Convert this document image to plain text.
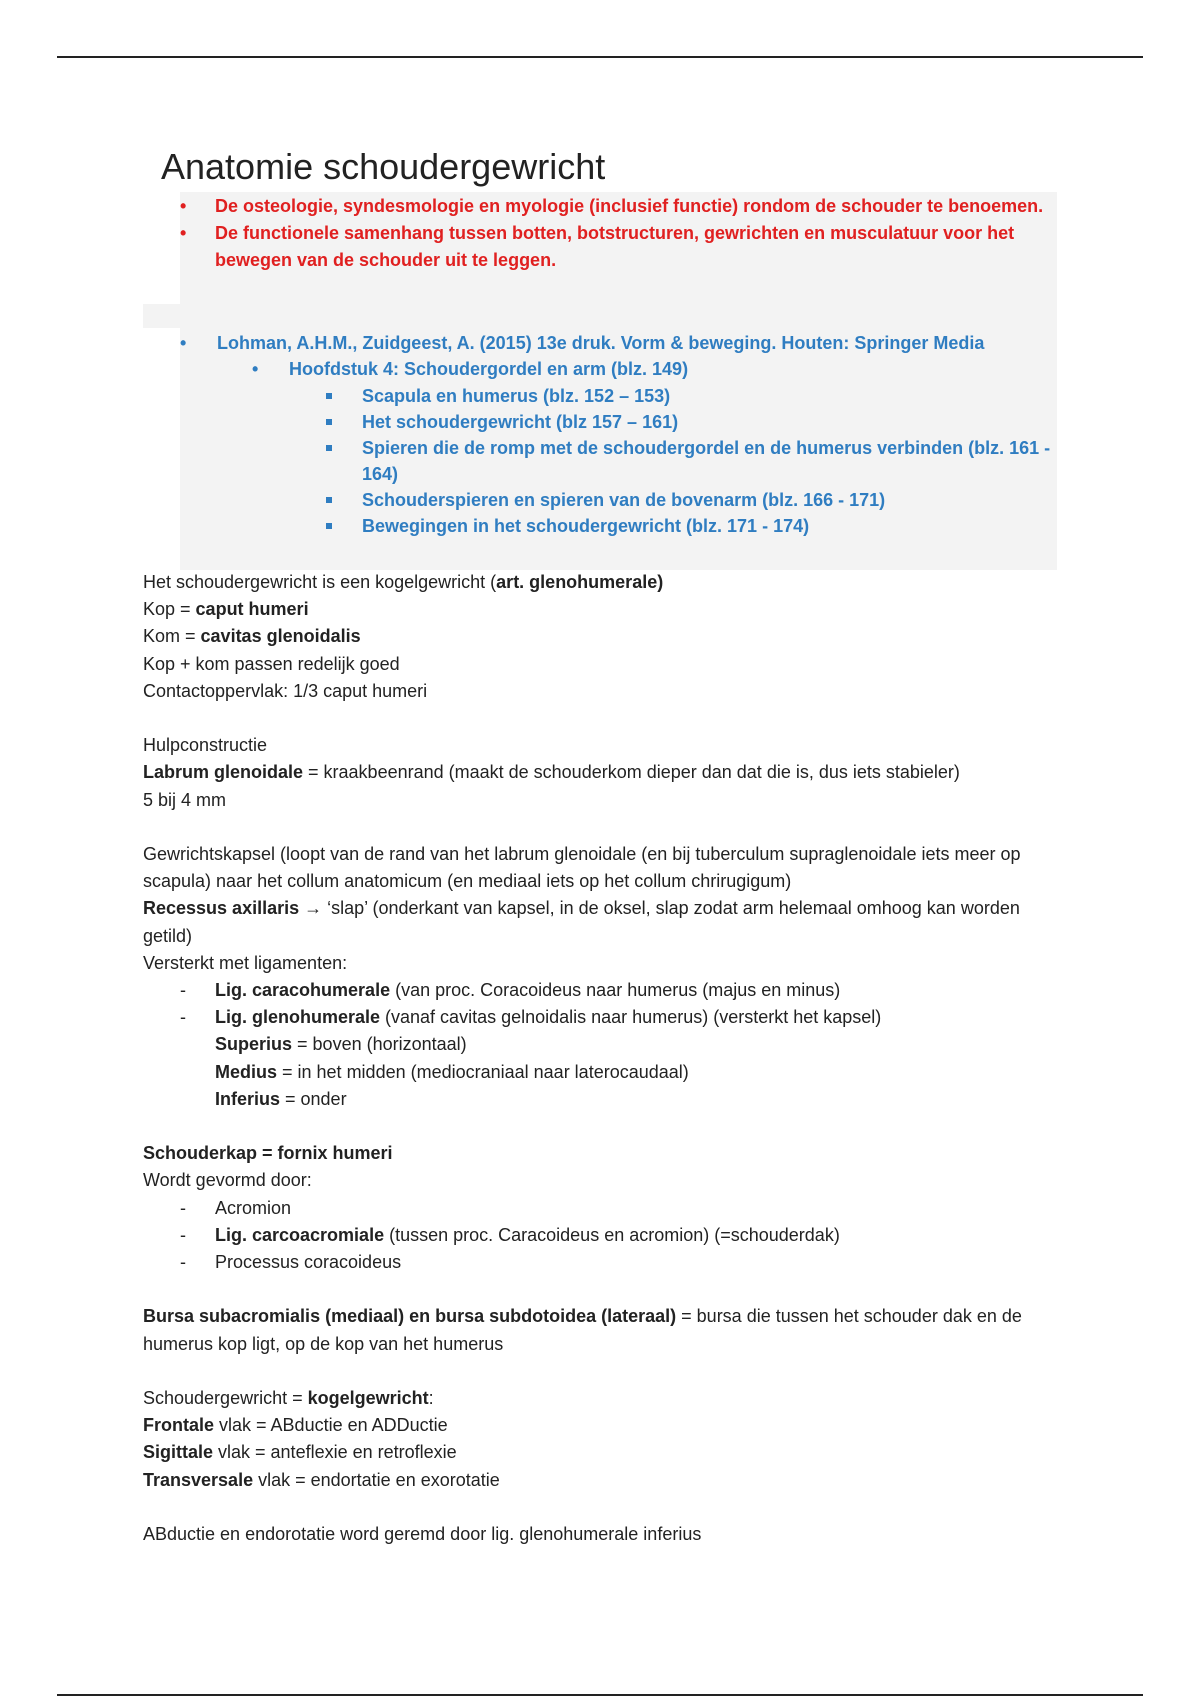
Anatomie schoudergewricht
• De osteologie, syndesmologie en myologie (inclusief functie) rondom de schouder te benoemen.
• De functionele samenhang tussen botten, botstructuren, gewrichten en musculatuur voor het bewegen van de schouder uit te leggen.
• Lohman, A.H.M., Zuidgeest, A. (2015) 13e druk. Vorm & beweging. Houten: Springer Media
• Hoofdstuk 4: Schoudergordel en arm (blz. 149)
Scapula en humerus (blz. 152 – 153)
Het schoudergewricht (blz 157 – 161)
Spieren die de romp met de schoudergordel en de humerus verbinden (blz. 161 - 164)
Schouderspieren en spieren van de bovenarm (blz. 166 - 171)
Bewegingen in het schoudergewricht (blz. 171 - 174)

Het schoudergewricht is een kogelgewricht (art. glenohumerale)

Kop = caput humeri

Kom = cavitas glenoidalis

Kop + kom passen redelijk goed

Contactoppervlak: 1/3 caput humeri

Hulpconstructie

Labrum glenoidale = kraakbeenrand (maakt de schouderkom dieper dan dat die is, dus iets stabieler)

5 bij 4 mm

Gewrichtskapsel (loopt van de rand van het labrum glenoidale (en bij tuberculum supraglenoidale iets meer op scapula) naar het collum anatomicum (en mediaal iets op het collum chrirugigum)

Recessus axillaris → ‘slap’ (onderkant van kapsel, in de oksel, slap zodat arm helemaal omhoog kan worden getild)

Versterkt met ligamenten:

- Lig. caracohumerale (van proc. Coracoideus naar humerus (majus en minus)

- Lig. glenohumerale (vanaf cavitas gelnoidalis naar humerus) (versterkt het kapsel)

Superius = boven (horizontaal)

Medius = in het midden (mediocraniaal naar laterocaudaal)

Inferius = onder

Schouderkap = fornix humeri

Wordt gevormd door:

- Acromion

- Lig. carcoacromiale (tussen proc. Caracoideus en acromion) (=schouderdak)

- Processus coracoideus

Bursa subacromialis (mediaal) en bursa subdotoidea (lateraal) = bursa die tussen het schouder dak en de humerus kop ligt, op de kop van het humerus

Schoudergewricht = kogelgewricht:

Frontale vlak = ABductie en ADDuctie

Sigittale vlak = anteflexie en retroflexie

Transversale vlak = endortatie en exorotatie

ABductie en endorotatie word geremd door lig. glenohumerale inferius
